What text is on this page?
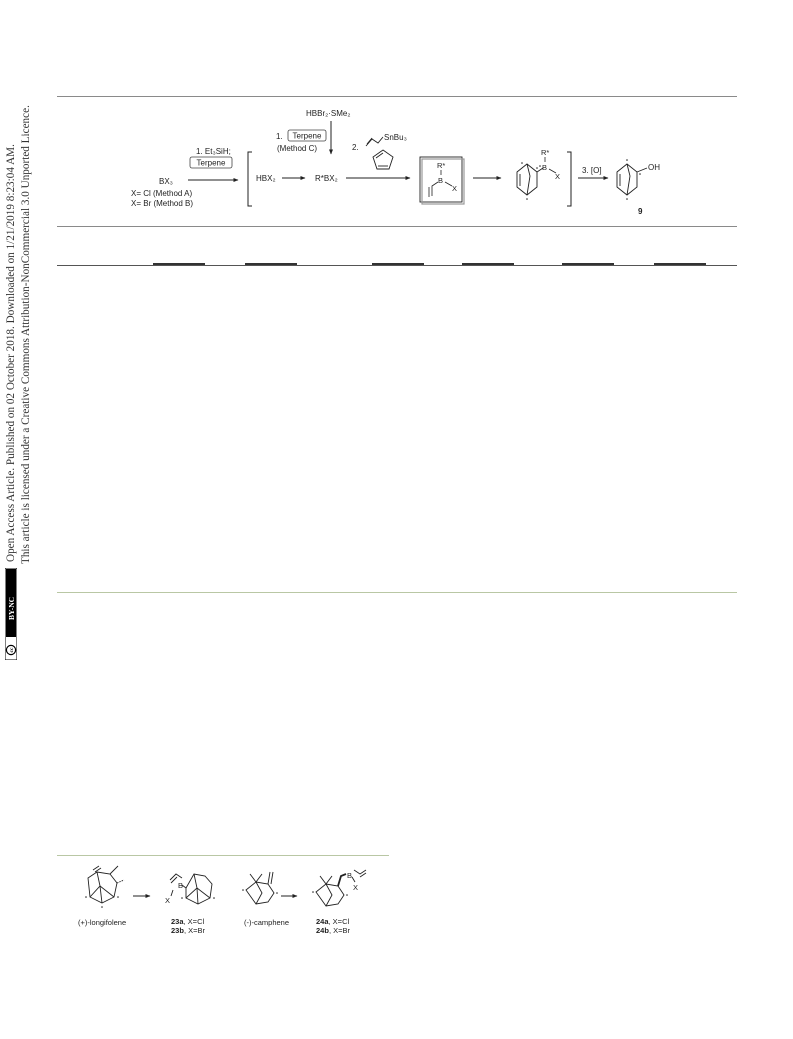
cc
BY-NC
Open Access Article. Published on 02 October 2018. Downloaded on 1/21/2019 8:23:04 AM. This article is licensed under a Creative Commons Attribution-NonCommercial 3.0 Unported Licence.	HBBr₂·SMe₂
1. Terpene
(Method C)	2.
SnBu₃
1. Et₃SiH;
Terpene
BX₃
X= Cl (Method A)
X= Br (Method B)
HBX₂	R*BX₂
R*
B
X
R*
B
X
3. [O]	OH
9
(+)-longifolene
B
X
23a, X=Cl
23b, X=Br
(-)-camphene
B
X
24a, X=Cl
24b, X=Br
